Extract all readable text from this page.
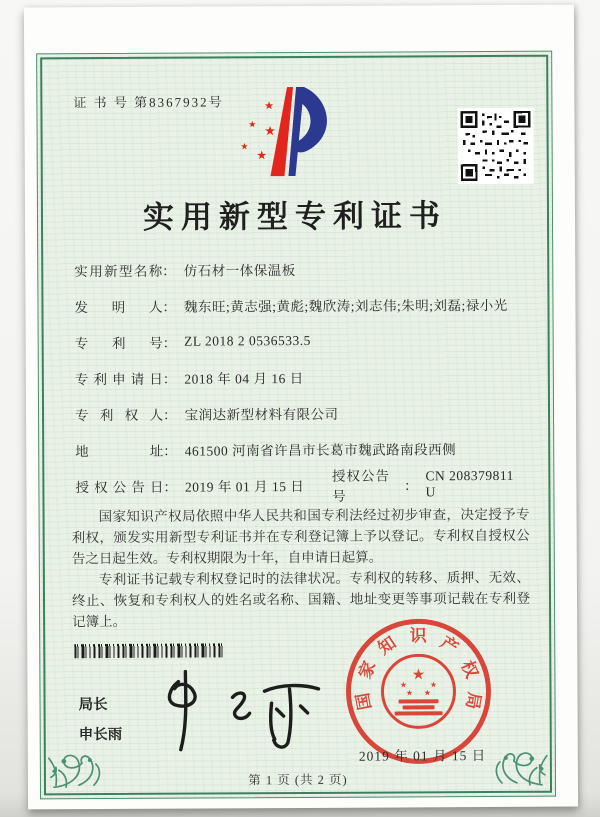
证 书 号 第8367932号	★
★ ★
★
★
实用新型专利证书
实用新型名称 ： 仿石材一体保温板
发明人 ： 魏东旺;黄志强;黄彪;魏欣涛;刘志伟;朱明;刘磊;禄小光
专利号 ： ZL 2018 2 0536533.5
专利申请日 ： 2018 年 04 月 16 日
专利权人 ： 宝润达新型材料有限公司
地址 ： 461500 河南省许昌市长葛市魏武路南段西侧
授权公告日 ： 2019 年 01 月 15 日
授权公告号
：
CN 208379811 U

国家知识产权局依照中华人民共和国专利法经过初步审查，决定授予专利权，颁发实用新型专利证书并在专利登记簿上予以登记。专利权自授权公告之日起生效。专利权期限为十年，自申请日起算。

专利证书记载专利权登记时的法律状况。专利权的转移、质押、无效、终止、恢复和专利权人的姓名或名称、国籍、地址变更等事项记载在专利登记簿上。

局长
申长雨
国
家
知 识 产
权
局
★
★	★
★ ★
2019 年 01 月 15 日
第 1 页 (共 2 页)
